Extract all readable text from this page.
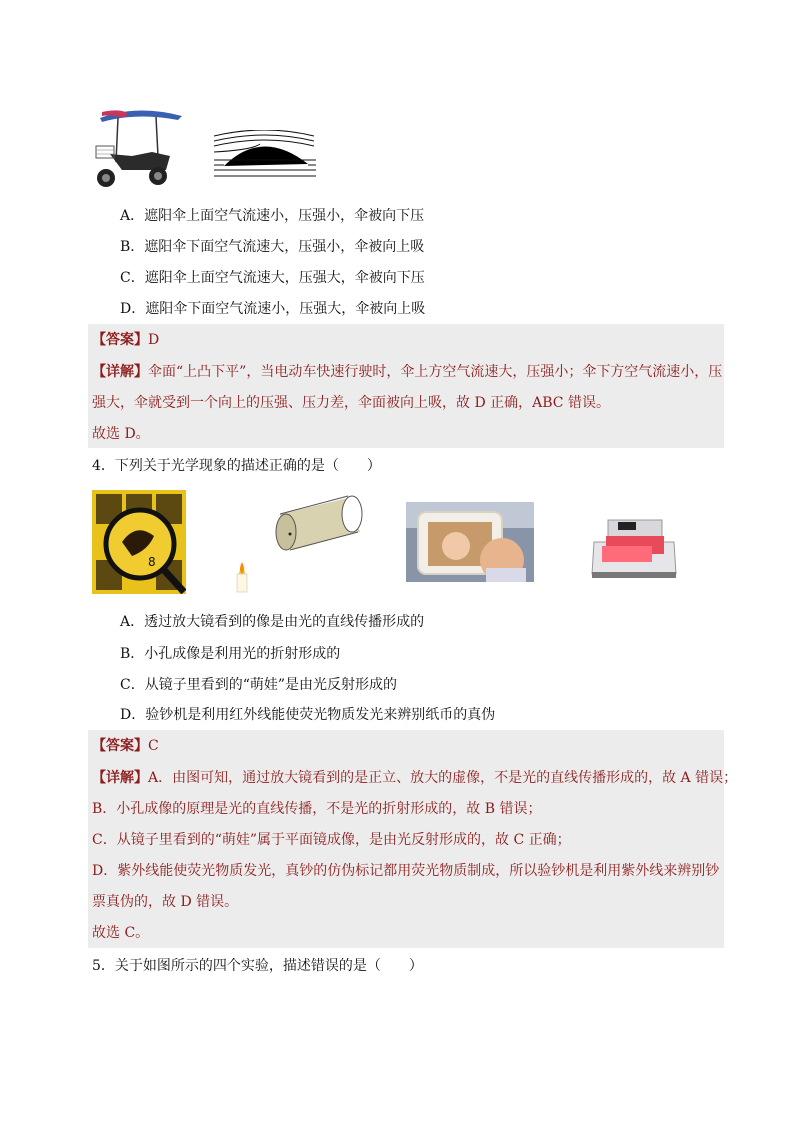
A．遮阳伞上面空气流速小，压强小，伞被向下压
B．遮阳伞下面空气流速大，压强小，伞被向上吸
C．遮阳伞上面空气流速大，压强大，伞被向下压
D．遮阳伞下面空气流速小，压强大，伞被向上吸
【答案】D
【详解】伞面“上凸下平”，当电动车快速行驶时，伞上方空气流速大，压强小；伞下方空气流速小，压
强大，伞就受到一个向上的压强、压力差，伞面被向上吸，故 D 正确，ABC 错误。
故选 D。
4．下列关于光学现象的描述正确的是（　　）
8
A．透过放大镜看到的像是由光的直线传播形成的
B．小孔成像是利用光的折射形成的
C．从镜子里看到的“萌娃”是由光反射形成的
D．验钞机是利用红外线能使荧光物质发光来辨别纸币的真伪
【答案】C
【详解】A．由图可知，通过放大镜看到的是正立、放大的虚像，不是光的直线传播形成的，故 A 错误；
B．小孔成像的原理是光的直线传播，不是光的折射形成的，故 B 错误；
C．从镜子里看到的“萌娃”属于平面镜成像，是由光反射形成的，故 C 正确；
D．紫外线能使荧光物质发光，真钞的仿伪标记都用荧光物质制成，所以验钞机是利用紫外线来辨别钞
票真伪的，故 D 错误。
故选 C。
5．关于如图所示的四个实验，描述错误的是（　　）
